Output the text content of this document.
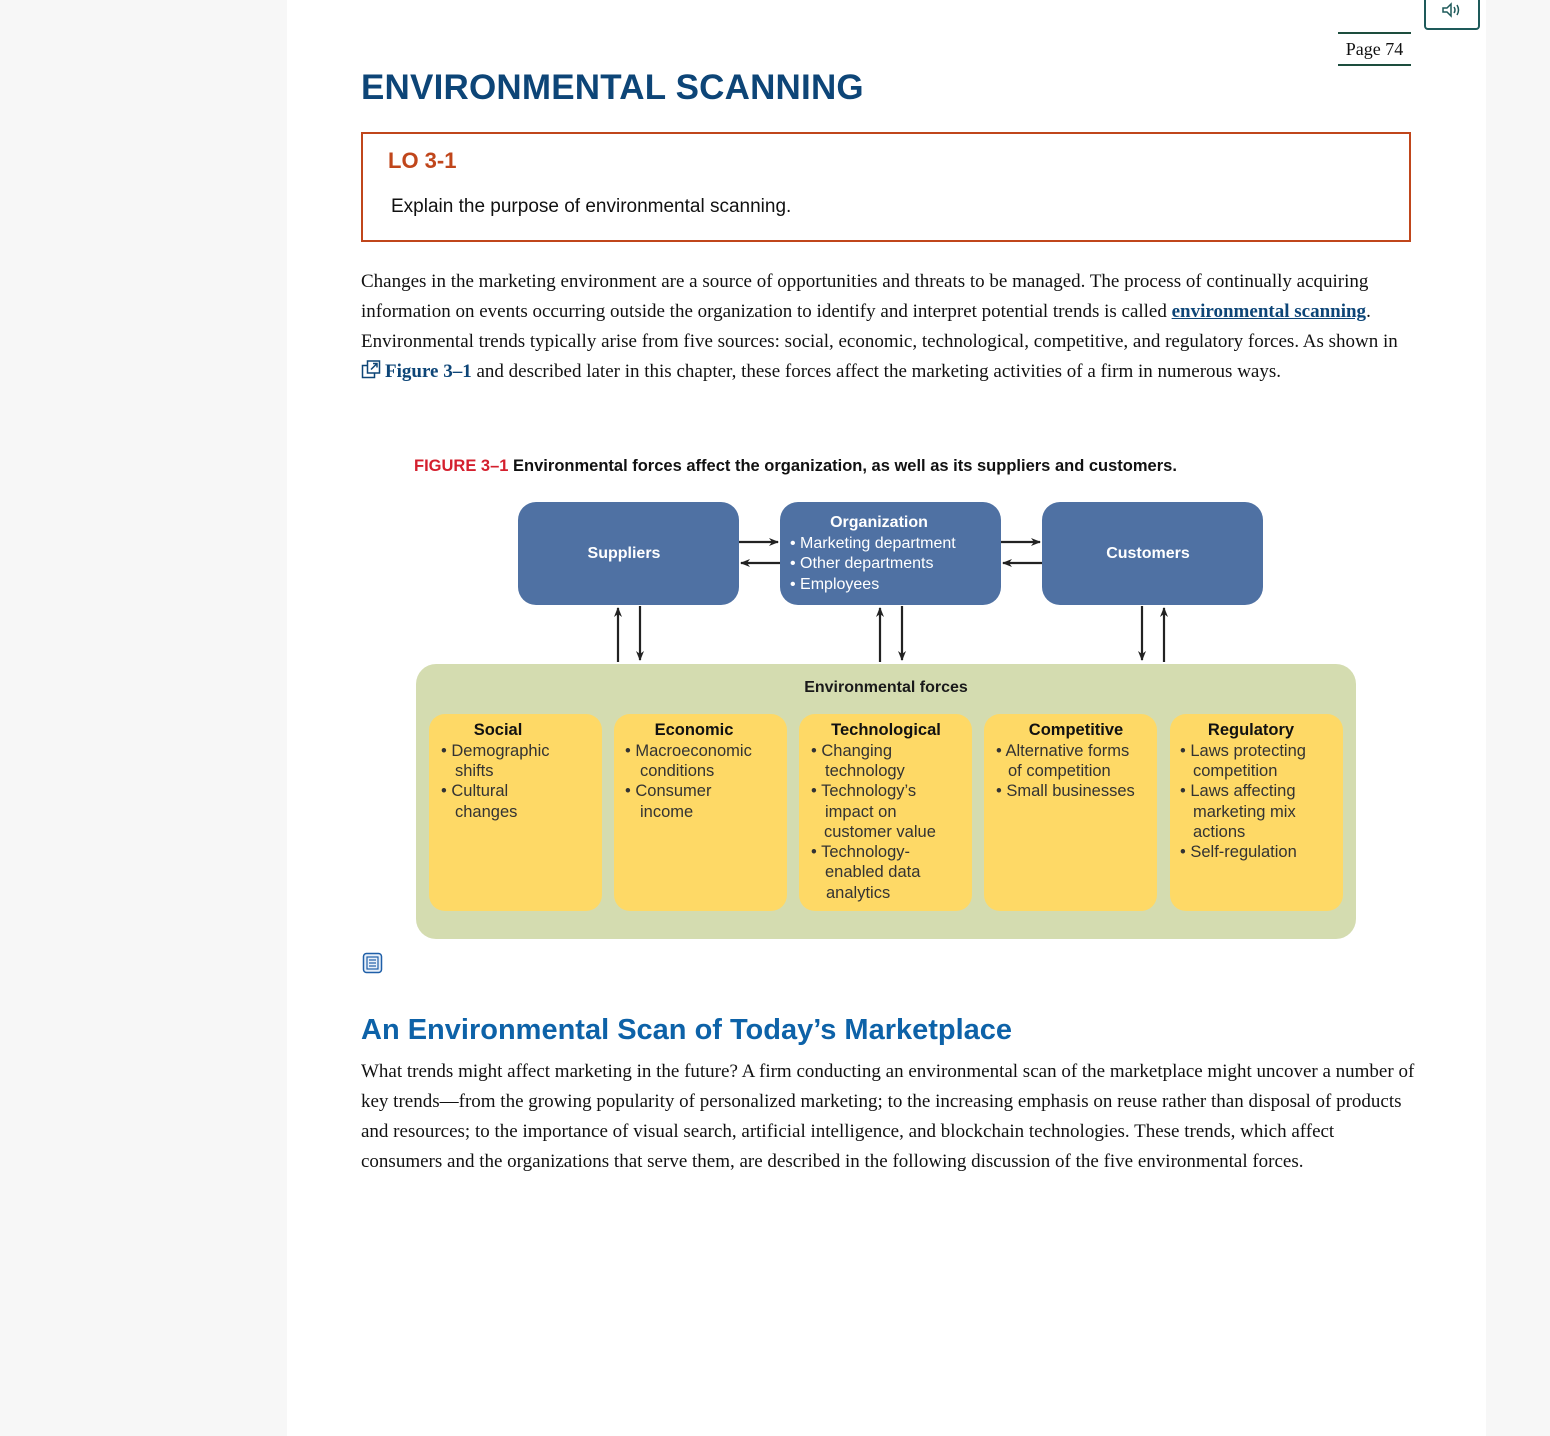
Page 74
ENVIRONMENTAL SCANNING
LO 3-1
Explain the purpose of environmental scanning.

Changes in the marketing environment are a source of opportunities and threats to be managed. The process of continually acquiring information on events occurring outside the organization to identify and interpret potential trends is called environmental scanning. Environmental trends typically arise from five sources: social, economic, technological, competitive, and regulatory forces. As shown in Figure 3–1 and described later in this chapter, these forces affect the marketing activities of a firm in numerous ways.

FIGURE 3–1 Environmental forces affect the organization, as well as its suppliers and customers.
Suppliers
Organization
• Marketing department
• Other departments
• Employees
Customers
Environmental forces
Social
• Demographic
shifts
• Cultural
changes
Economic
• Macroeconomic
conditions
• Consumer
income
Technological
• Changing
technology
• Technology’s
impact on
customer value
• Technology-
enabled data
analytics
Competitive
• Alternative forms
of competition
• Small businesses
Regulatory
• Laws protecting
competition
• Laws affecting
marketing mix
actions
• Self-regulation
An Environmental Scan of Today’s Marketplace

What trends might affect marketing in the future? A firm conducting an environmental scan of the marketplace might uncover a number of key trends—from the growing popularity of personalized marketing; to the increasing emphasis on reuse rather than disposal of products and resources; to the importance of visual search, artificial intelligence, and blockchain technologies. These trends, which affect consumers and the organizations that serve them, are described in the following discussion of the five environmental forces.
